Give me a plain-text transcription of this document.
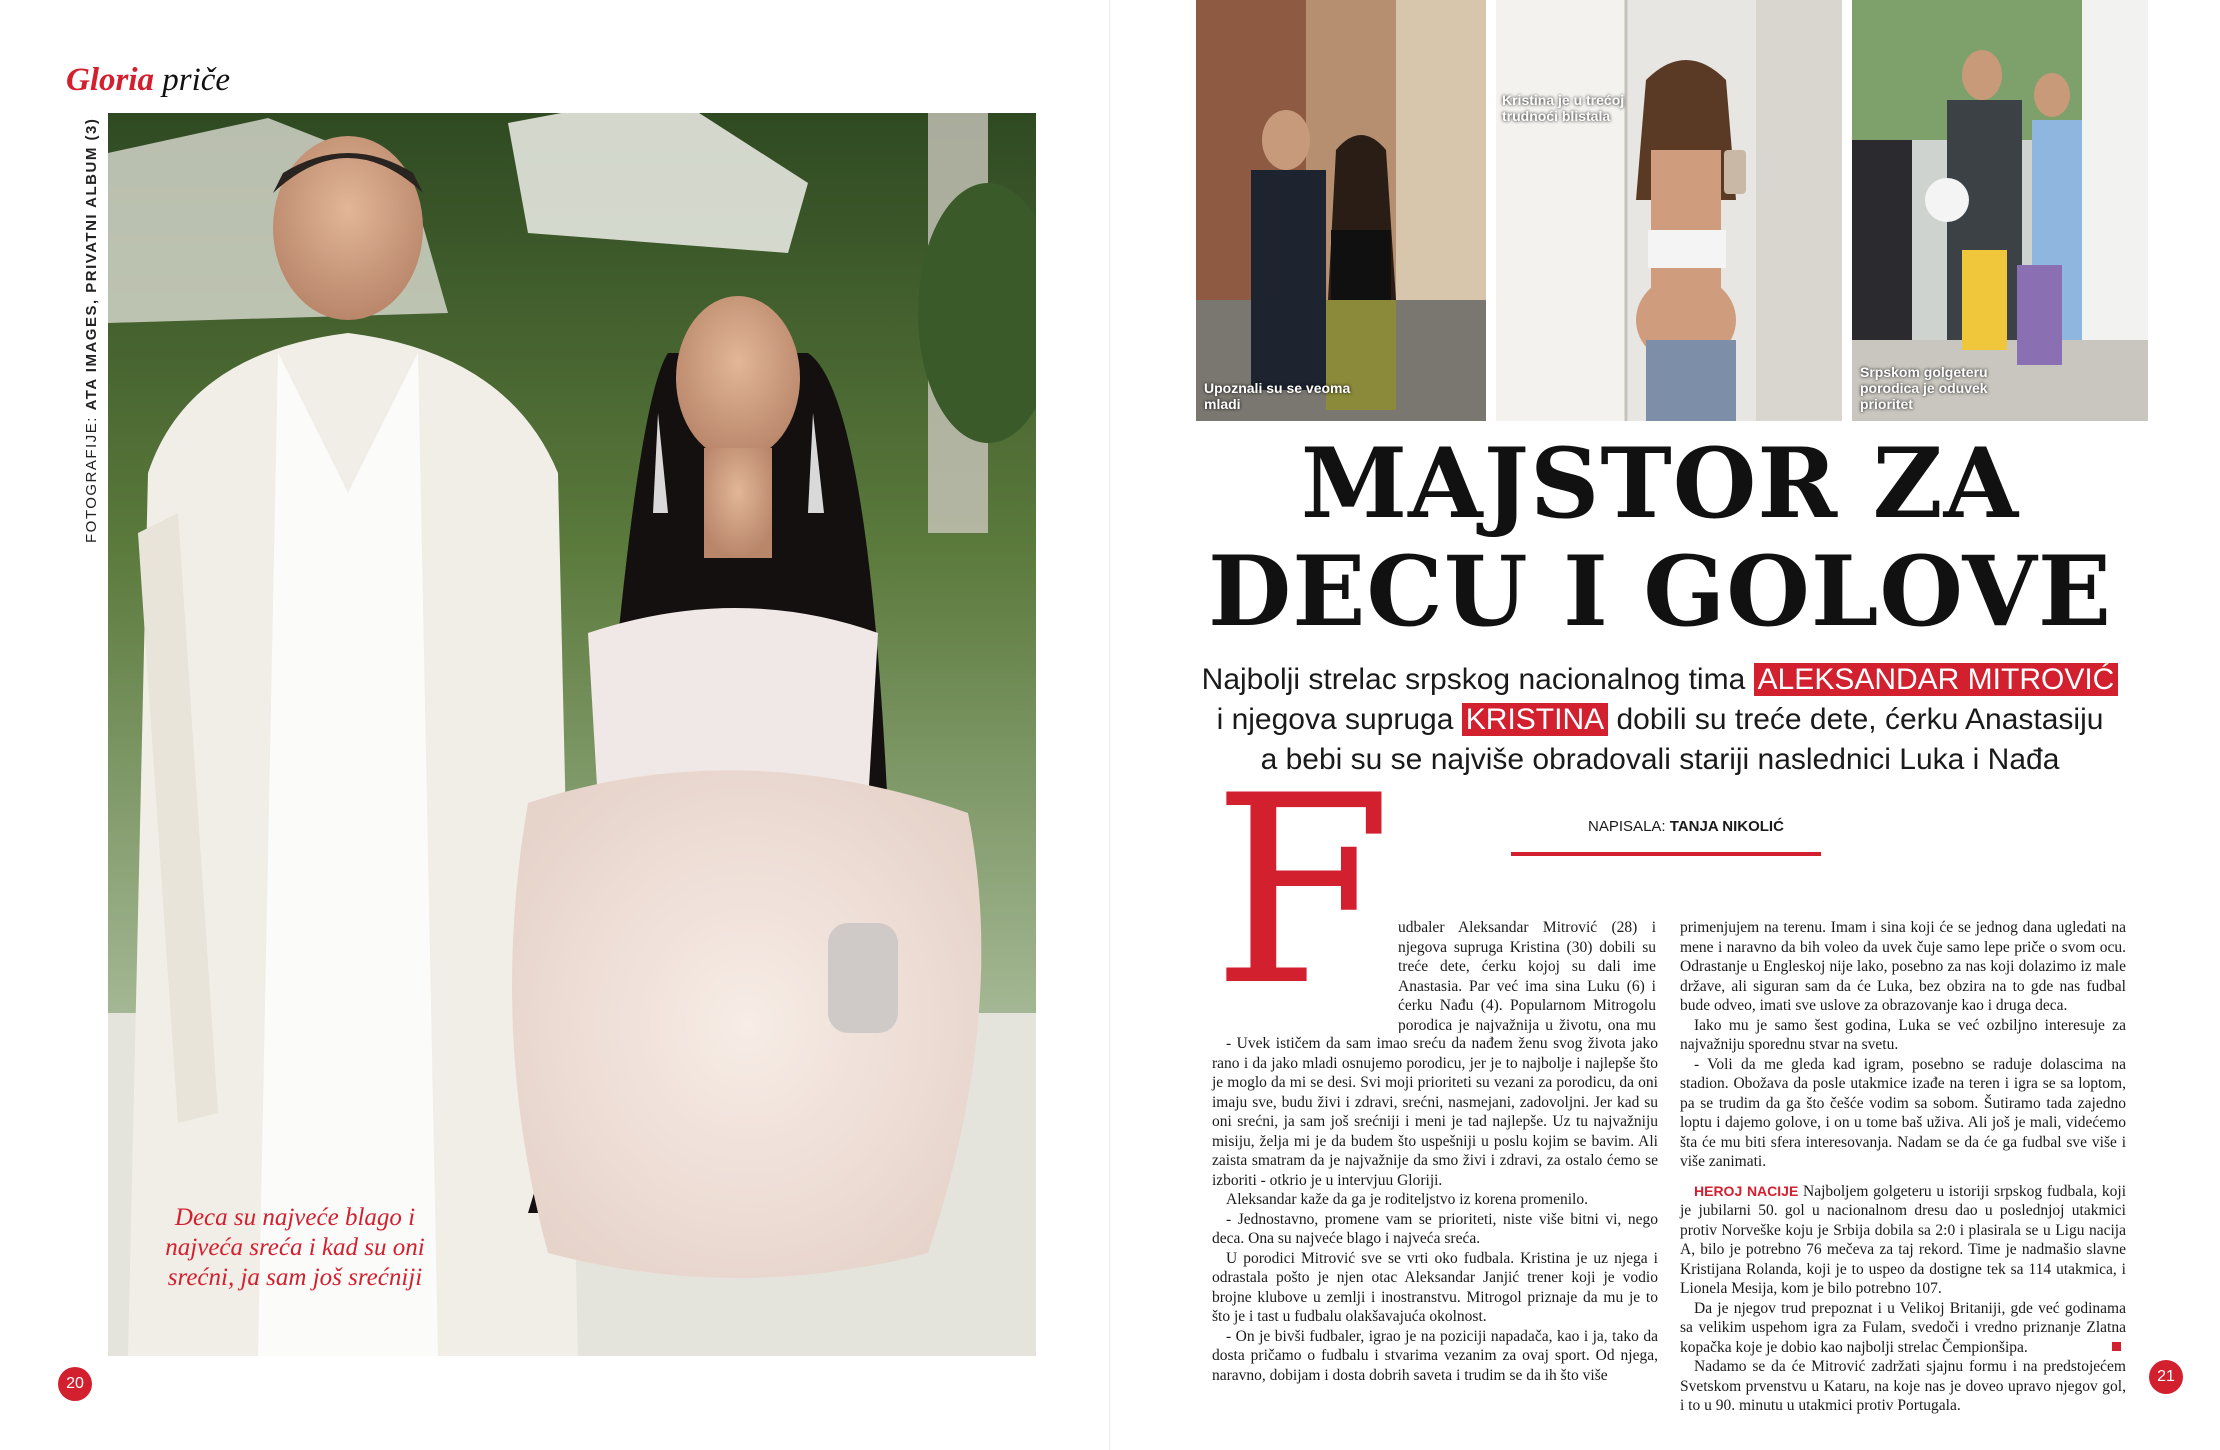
Gloria priče
FOTOGRAFIJE: ATA IMAGES, PRIVATNI ALBUM (3)
Deca su najveće blago i najveća sreća i kad su oni srećni, ja sam još srećniji
20
Upoznali su se veoma mladi
Kristina je u trećoj trudnoći blistala
Srpskom golgeteru porodica je oduvek prioritet
MAJSTOR ZA
DECU I GOLOVE
Najbolji strelac srpskog nacionalnog tima ALEKSANDAR MITROVIĆ
i njegova supruga KRISTINA dobili su treće dete, ćerku Anastasiju
a bebi su se najviše obradovali stariji naslednici Luka i Nađa
F	NAPISALA: TANJA NIKOLIĆ

udbaler Aleksandar Mitrović (28) i njegova supruga Kristina (30) dobili su treće dete, ćerku kojoj su dali ime Anastasia. Par već ima sina Luku (6) i ćerku Nađu (4). Popularnom Mitrogolu porodica je najvažnija u životu, ona mu

- Uvek ističem da sam imao sreću da nađem ženu svog života jako rano i da jako mladi osnujemo porodicu, jer je to najbolje i najlepše što je moglo da mi se desi. Svi moji prioriteti su vezani za porodicu, da oni imaju sve, budu živi i zdravi, srećni, nasmejani, zadovoljni. Jer kad su oni srećni, ja sam još srećniji i meni je tad najlepše. Uz tu najvažniju misiju, želja mi je da budem što uspešniji u poslu kojim se bavim. Ali zaista smatram da je najvažnije da smo živi i zdravi, za ostalo ćemo se izboriti - otkrio je u intervjuu Gloriji.

Aleksandar kaže da ga je roditeljstvo iz korena promenilo.

- Jednostavno, promene vam se prioriteti, niste više bitni vi, nego deca. Ona su najveće blago i najveća sreća.

U porodici Mitrović sve se vrti oko fudbala. Kristina je uz njega i odrastala pošto je njen otac Aleksandar Janjić trener koji je vodio brojne klubove u zemlji i inostranstvu. Mitrogol priznaje da mu je to što je i tast u fudbalu olakšavajuća okolnost.

- On je bivši fudbaler, igrao je na poziciji napadača, kao i ja, tako da dosta pričamo o fudbalu i stvarima vezanim za ovaj sport. Od njega, naravno, dobijam i dosta dobrih saveta i trudim se da ih što više

primenjujem na terenu. Imam i sina koji će se jednog dana ugledati na mene i naravno da bih voleo da uvek čuje samo lepe priče o svom ocu. Odrastanje u Engleskoj nije lako, posebno za nas koji dolazimo iz male države, ali siguran sam da će Luka, bez obzira na to gde nas fudbal bude odveo, imati sve uslove za obrazovanje kao i druga deca.

Iako mu je samo šest godina, Luka se već ozbiljno interesuje za najvažniju sporednu stvar na svetu.

- Voli da me gleda kad igram, posebno se raduje dolascima na stadion. Obožava da posle utakmice izađe na teren i igra se sa loptom, pa se trudim da ga što češće vodim sa sobom. Šutiramo tada zajedno loptu i dajemo golove, i on u tome baš uživa. Ali još je mali, videćemo šta će mu biti sfera interesovanja. Nadam se da će ga fudbal sve više i više zanimati.

HEROJ NACIJE Najboljem golgeteru u istoriji srpskog fudbala, koji je jubilarni 50. gol u nacionalnom dresu dao u poslednjoj utakmici protiv Norveške koju je Srbija dobila sa 2:0 i plasirala se u Ligu nacija A, bilo je potrebno 76 mečeva za taj rekord. Time je nadmašio slavne Kristijana Rolanda, koji je to uspeo da dostigne tek sa 114 utakmica, i Lionela Mesija, kom je bilo potrebno 107.

Da je njegov trud prepoznat i u Velikoj Britaniji, gde već godinama sa velikim uspehom igra za Fulam, svedoči i vredno priznanje Zlatna kopačka koje je dobio kao najbolji strelac Čempionšipa.

Nadamo se da će Mitrović zadržati sjajnu formu i na predstojećem Svetskom prvenstvu u Kataru, na koje nas je doveo upravo njegov gol, i to u 90. minutu u utakmici protiv Portugala.

21
